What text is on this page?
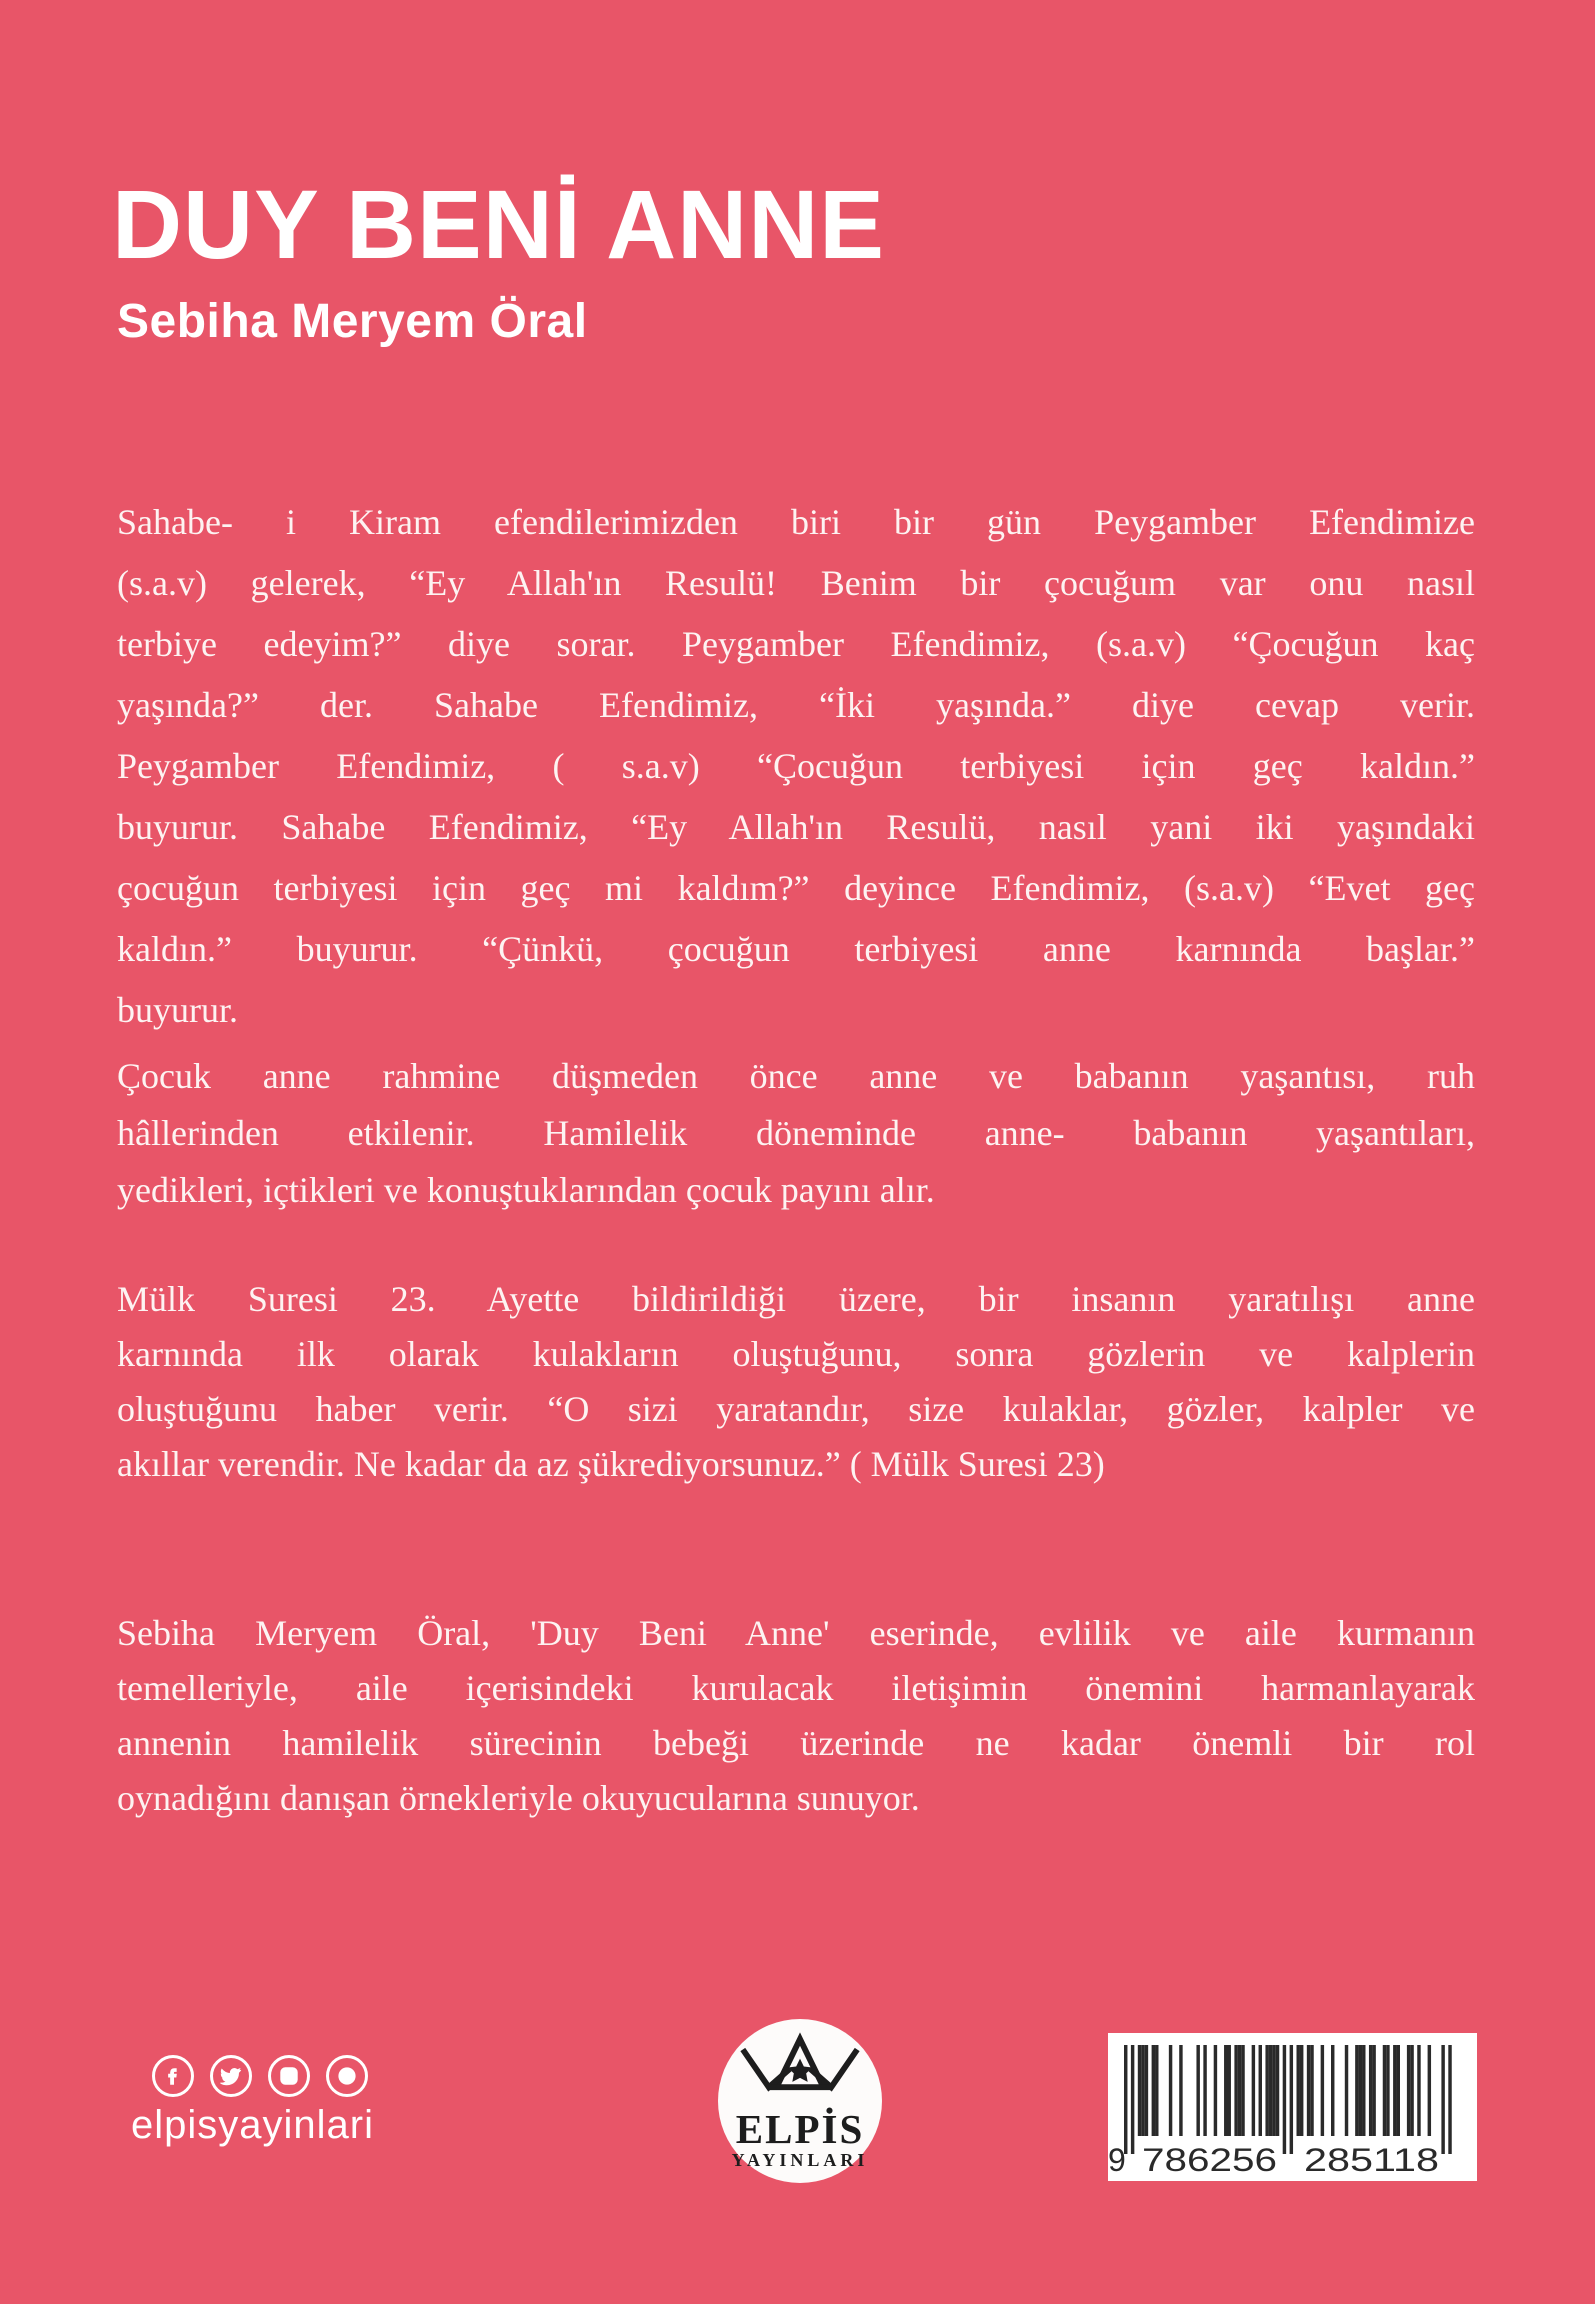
DUY BENİ ANNE
Sebiha Meryem Öral
Sahabe- i Kiram efendilerimizden biri bir gün Peygamber Efendimize
(s.a.v) gelerek, “Ey Allah'ın Resulü! Benim bir çocuğum var onu nasıl
terbiye edeyim?” diye sorar. Peygamber Efendimiz, (s.a.v) “Çocuğun kaç
yaşında?” der. Sahabe Efendimiz, “İki yaşında.” diye cevap verir.
Peygamber Efendimiz, ( s.a.v) “Çocuğun terbiyesi için geç kaldın.”
buyurur. Sahabe Efendimiz, “Ey Allah'ın Resulü, nasıl yani iki yaşındaki
çocuğun terbiyesi için geç mi kaldım?” deyince Efendimiz, (s.a.v) “Evet geç
kaldın.” buyurur. “Çünkü, çocuğun terbiyesi anne karnında başlar.”
buyurur.
Çocuk anne rahmine düşmeden önce anne ve babanın yaşantısı, ruh
hâllerinden etkilenir. Hamilelik döneminde anne- babanın yaşantıları,
yedikleri, içtikleri ve konuştuklarından çocuk payını alır.
Mülk Suresi 23. Ayette bildirildiği üzere, bir insanın yaratılışı anne
karnında ilk olarak kulakların oluştuğunu, sonra gözlerin ve kalplerin
oluştuğunu haber verir. “O sizi yaratandır, size kulaklar, gözler, kalpler ve
akıllar verendir. Ne kadar da az şükrediyorsunuz.” ( Mülk Suresi 23)
Sebiha Meryem Öral, 'Duy Beni Anne' eserinde, evlilik ve aile kurmanın
temelleriyle, aile içerisindeki kurulacak iletişimin önemini harmanlayarak
annenin hamilelik sürecinin bebeği üzerinde ne kadar önemli bir rol
oynadığını danışan örnekleriyle okuyucularına sunuyor.
elpisyayinlari	ELPİS
YAYINLARI	9 786256 285118
